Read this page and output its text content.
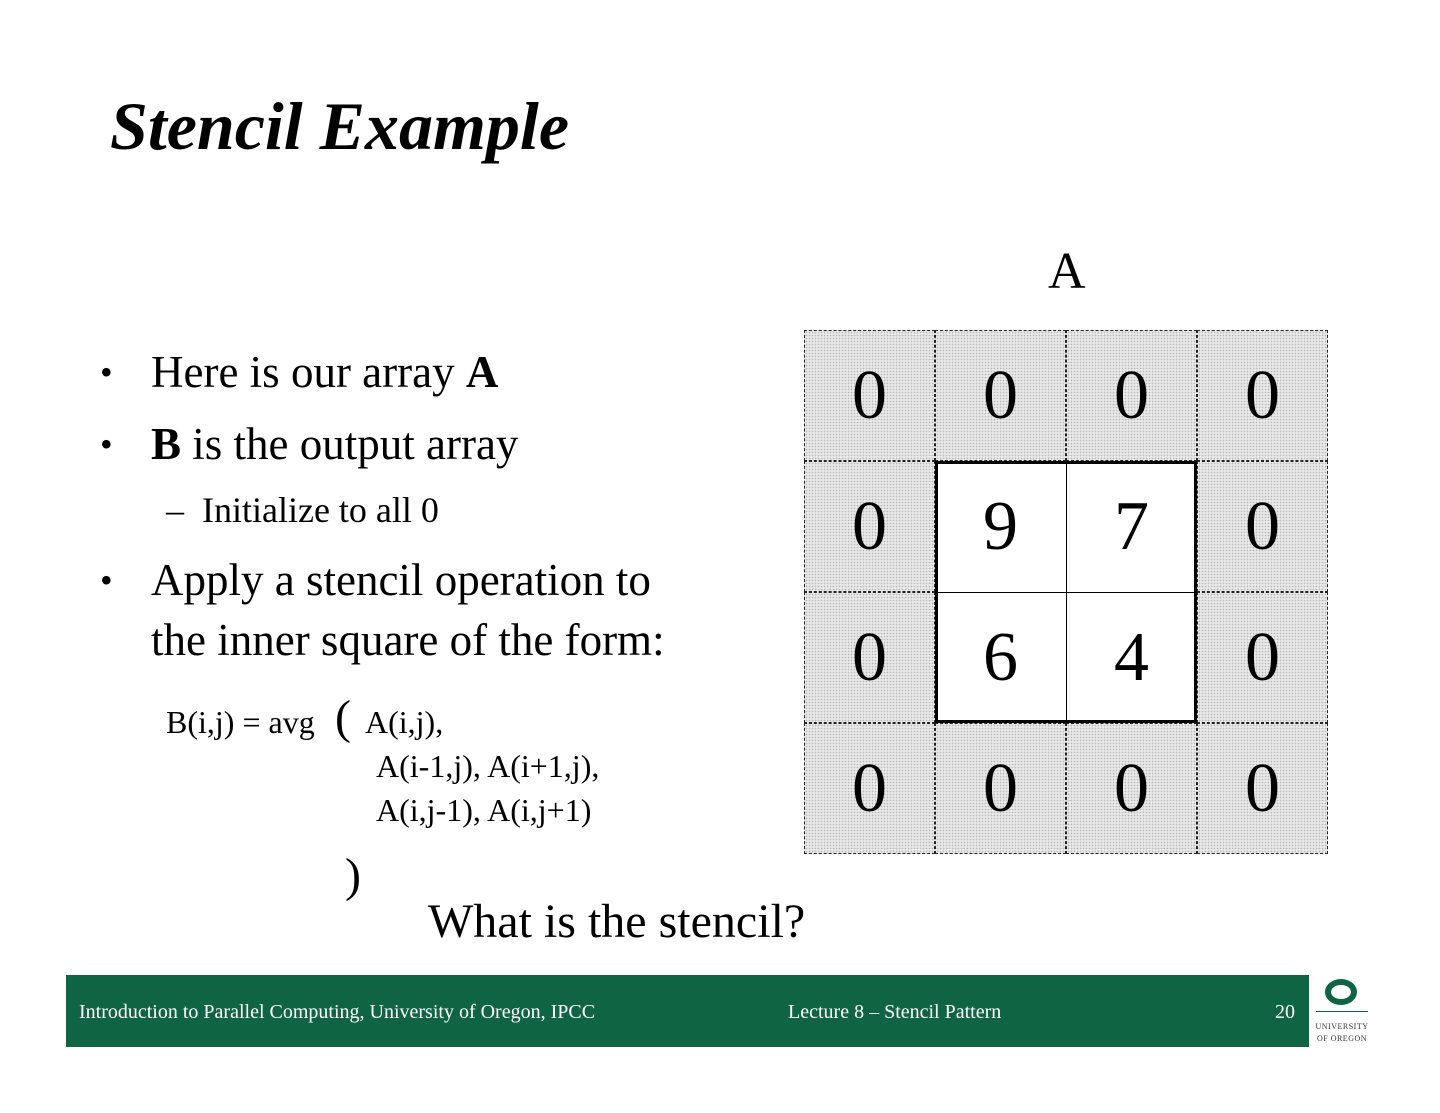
Stencil Example
• Here is our array A
• B is the output array
– Initialize to all 0
• Apply a stencil operation to
the inner square of the form:
B(i,j) = avg ( A(i,j),
A(i-1,j), A(i+1,j),
A(i,j-1), A(i,j+1)
)
What is the stencil?
A
0	0	0	0
0	9	7	0
0	6	4	0
0	0	0	0
Introduction to Parallel Computing, University of Oregon, IPCC	Lecture 8 – Stencil Pattern	20
UNIVERSITY
OF OREGON
